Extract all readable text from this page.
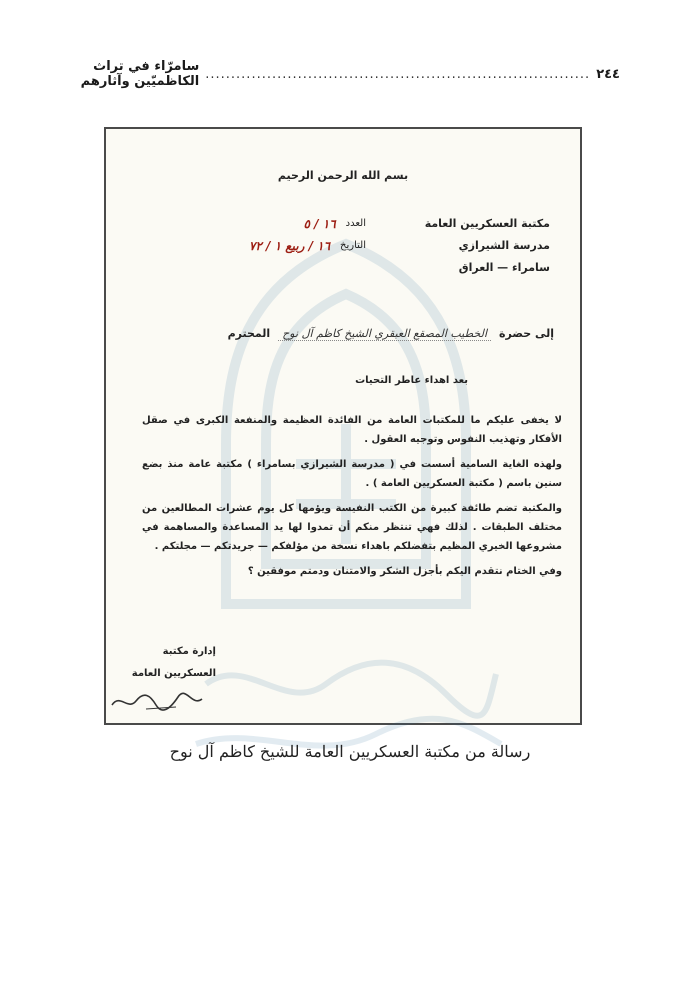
٢٤٤
...........................................................................
سامرّاء في تراث الكاظميّين وآثارهم
بسم الله الرحمن الرحيم
مكتبة العسكريين العامة
مدرسة الشيرازي
سامراء — العراق
العدد
١٦ / ٥
التاريخ
١٦ / ربيع ١ / ٧٢
إلى حضرة
الخطيب المصقع العبقري الشيخ كاظم آل نوح
المحترم
بعد اهداء عاطر التحيات

لا يخفى عليكم ما للمكتبات العامة من الفائدة العظيمة والمنفعة الكبرى في صقل الأفكار وتهذيب النفوس وتوجيه العقول .

ولهذه الغاية السامية أسست في ( مدرسة الشيرازي بسامراء ) مكتبة عامة منذ بضع سنين باسم ( مكتبة العسكريين العامة ) .

والمكتبة تضم طائفة كبيرة من الكتب النفيسة ويؤمها كل يوم عشرات المطالعين من مختلف الطبقات . لذلك فهي تنتظر منكم أن تمدوا لها يد المساعدة والمساهمة في مشروعها الخيري المظيم بتفضلكم باهداء نسخة من مؤلفكم — جريدتكم — مجلتكم .

وفي الختام نتقدم اليكم بأجزل الشكر والامتنان ودمتم موفقين ؟

إدارة مكتبة
العسكريين العامة
رسالة من مكتبة العسكريين العامة للشيخ كاظم آل نوح
